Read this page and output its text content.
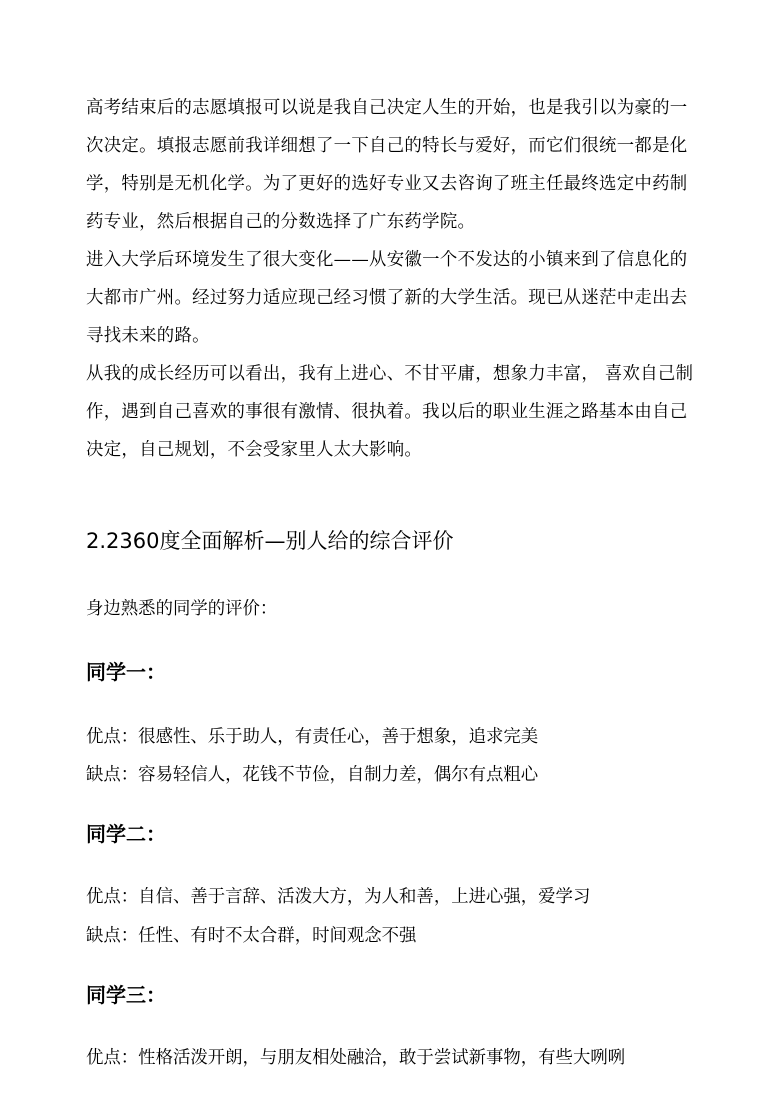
高考结束后的志愿填报可以说是我自己决定人生的开始，也是我引以为豪的一
次决定。填报志愿前我详细想了一下自己的特长与爱好，而它们很统一都是化
学，特别是无机化学。为了更好的选好专业又去咨询了班主任最终选定中药制
药专业，然后根据自己的分数选择了广东药学院。

进入大学后环境发生了很大变化——从安徽一个不发达的小镇来到了信息化的
大都市广州。经过努力适应现己经习惯了新的大学生活。现已从迷茫中走出去
寻找未来的路。

从我的成长经历可以看出，我有上进心、不甘平庸，想象力丰富， 喜欢自己制
作，遇到自己喜欢的事很有激情、很执着。我以后的职业生涯之路基本由自己
决定，自己规划，不会受家里人太大影响。

2.2360度全面解析—别人给的综合评价

身边熟悉的同学的评价：

同学一：

优点：很感性、乐于助人，有责任心，善于想象，追求完美

缺点：容易轻信人，花钱不节俭，自制力差，偶尔有点粗心

同学二：

优点：自信、善于言辞、活泼大方，为人和善，上进心强，爱学习

缺点：任性、有时不太合群，时间观念不强

同学三：

优点：性格活泼开朗，与朋友相处融洽，敢于尝试新事物，有些大咧咧
